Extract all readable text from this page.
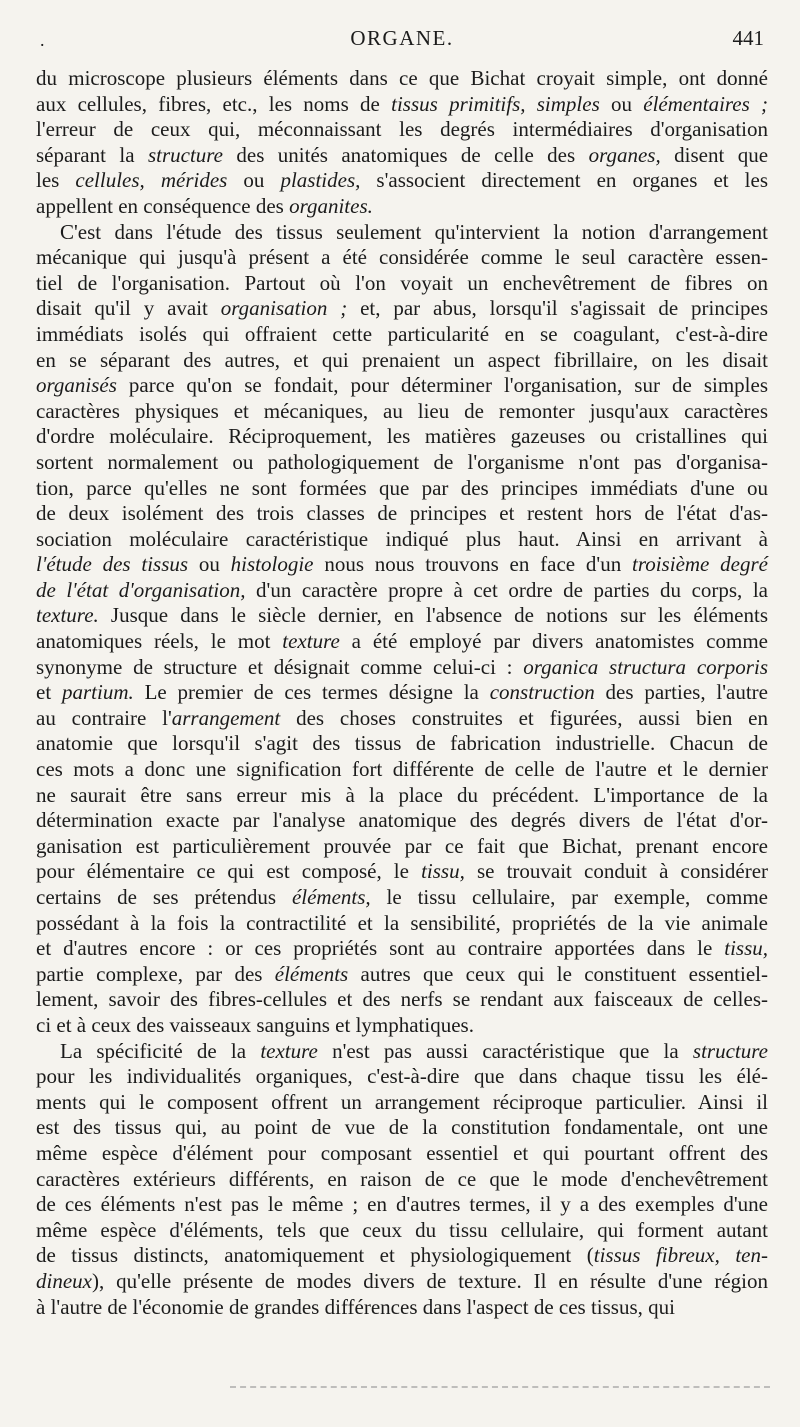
.	ORGANE.	441
du microscope plusieurs éléments dans ce que Bichat croyait simple, ont donné
aux cellules, fibres, etc., les noms de tissus primitifs, simples ou élémentaires ;
l'erreur de ceux qui, méconnaissant les degrés intermédiaires d'organisation
séparant la structure des unités anatomiques de celle des organes, disent que
les cellules, mérides ou plastides, s'associent directement en organes et les
appellent en conséquence des organites.
C'est dans l'étude des tissus seulement qu'intervient la notion d'arrangement
mécanique qui jusqu'à présent a été considérée comme le seul caractère essen-
tiel de l'organisation. Partout où l'on voyait un enchevêtrement de fibres on
disait qu'il y avait organisation ; et, par abus, lorsqu'il s'agissait de principes
immédiats isolés qui offraient cette particularité en se coagulant, c'est-à-dire
en se séparant des autres, et qui prenaient un aspect fibrillaire, on les disait
organisés parce qu'on se fondait, pour déterminer l'organisation, sur de simples
caractères physiques et mécaniques, au lieu de remonter jusqu'aux caractères
d'ordre moléculaire. Réciproquement, les matières gazeuses ou cristallines qui
sortent normalement ou pathologiquement de l'organisme n'ont pas d'organisa-
tion, parce qu'elles ne sont formées que par des principes immédiats d'une ou
de deux isolément des trois classes de principes et restent hors de l'état d'as-
sociation moléculaire caractéristique indiqué plus haut. Ainsi en arrivant à
l'étude des tissus ou histologie nous nous trouvons en face d'un troisième degré
de l'état d'organisation, d'un caractère propre à cet ordre de parties du corps, la
texture. Jusque dans le siècle dernier, en l'absence de notions sur les éléments
anatomiques réels, le mot texture a été employé par divers anatomistes comme
synonyme de structure et désignait comme celui-ci : organica structura corporis
et partium. Le premier de ces termes désigne la construction des parties, l'autre
au contraire l'arrangement des choses construites et figurées, aussi bien en
anatomie que lorsqu'il s'agit des tissus de fabrication industrielle. Chacun de
ces mots a donc une signification fort différente de celle de l'autre et le dernier
ne saurait être sans erreur mis à la place du précédent. L'importance de la
détermination exacte par l'analyse anatomique des degrés divers de l'état d'or-
ganisation est particulièrement prouvée par ce fait que Bichat, prenant encore
pour élémentaire ce qui est composé, le tissu, se trouvait conduit à considérer
certains de ses prétendus éléments, le tissu cellulaire, par exemple, comme
possédant à la fois la contractilité et la sensibilité, propriétés de la vie animale
et d'autres encore : or ces propriétés sont au contraire apportées dans le tissu,
partie complexe, par des éléments autres que ceux qui le constituent essentiel-
lement, savoir des fibres-cellules et des nerfs se rendant aux faisceaux de celles-
ci et à ceux des vaisseaux sanguins et lymphatiques.
La spécificité de la texture n'est pas aussi caractéristique que la structure
pour les individualités organiques, c'est-à-dire que dans chaque tissu les élé-
ments qui le composent offrent un arrangement réciproque particulier. Ainsi il
est des tissus qui, au point de vue de la constitution fondamentale, ont une
même espèce d'élément pour composant essentiel et qui pourtant offrent des
caractères extérieurs différents, en raison de ce que le mode d'enchevêtrement
de ces éléments n'est pas le même ; en d'autres termes, il y a des exemples d'une
même espèce d'éléments, tels que ceux du tissu cellulaire, qui forment autant
de tissus distincts, anatomiquement et physiologiquement (tissus fibreux, ten-
dineux), qu'elle présente de modes divers de texture. Il en résulte d'une région
à l'autre de l'économie de grandes différences dans l'aspect de ces tissus, qui
